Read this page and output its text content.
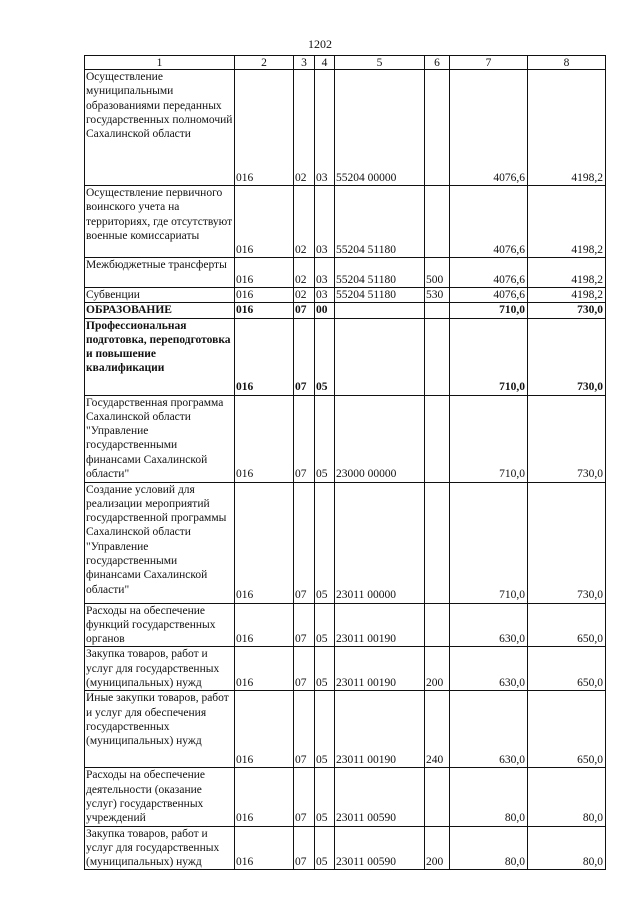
1202
1	2	3	4	5	6	7	8
Осуществление муниципальными образованиями переданных государственных полномочий Сахалинской области	016	02	03	55204 00000		4076,6	4198,2
Осуществление первичного воинского учета на территориях, где отсутствуют военные комиссариаты	016	02	03	55204 51180		4076,6	4198,2
Межбюджетные трансферты	016	02	03	55204 51180	500	4076,6	4198,2
Субвенции	016	02	03	55204 51180	530	4076,6	4198,2
ОБРАЗОВАНИЕ	016	07	00			710,0	730,0
Профессиональная подготовка, переподготовка и повышение квалификации	016	07	05			710,0	730,0
Государственная программа Сахалинской области "Управление государственными финансами Сахалинской области"	016	07	05	23000 00000		710,0	730,0
Создание условий для реализации мероприятий государственной программы Сахалинской области "Управление государственными финансами Сахалинской области"	016	07	05	23011 00000		710,0	730,0
Расходы на обеспечение функций государственных органов	016	07	05	23011 00190		630,0	650,0
Закупка товаров, работ и услуг для государственных (муниципальных) нужд	016	07	05	23011 00190	200	630,0	650,0
Иные закупки товаров, работ и услуг для обеспечения государственных (муниципальных) нужд	016	07	05	23011 00190	240	630,0	650,0
Расходы на обеспечение деятельности (оказание услуг) государственных учреждений	016	07	05	23011 00590		80,0	80,0
Закупка товаров, работ и услуг для государственных (муниципальных) нужд	016	07	05	23011 00590	200	80,0	80,0
